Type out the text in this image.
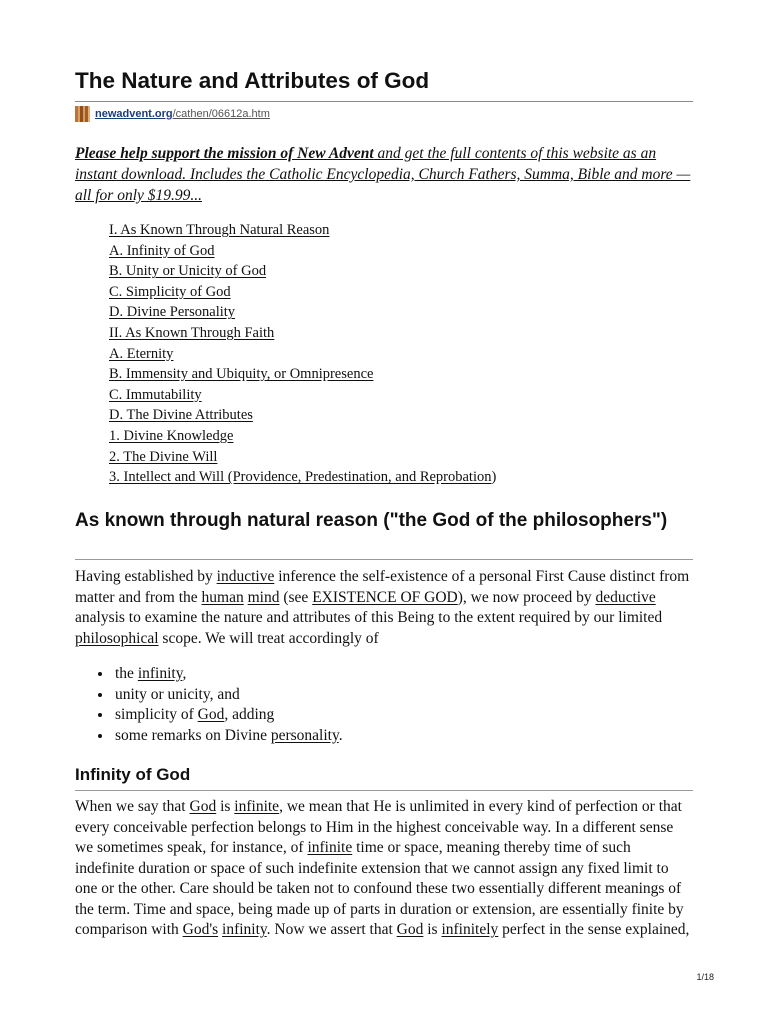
The Nature and Attributes of God
newadvent.org /cathen/06612a.htm

Please help support the mission of New Advent and get the full contents of this website as an instant download. Includes the Catholic Encyclopedia, Church Fathers, Summa, Bible and more — all for only $19.99...

I. As Known Through Natural Reason
A. Infinity of God
B. Unity or Unicity of God
C. Simplicity of God
D. Divine Personality
II. As Known Through Faith
A. Eternity
B. Immensity and Ubiquity, or Omnipresence
C. Immutability
D. The Divine Attributes
1. Divine Knowledge
2. The Divine Will
3. Intellect and Will (Providence, Predestination, and Reprobation)
As known through natural reason ("the God of the philosophers")

Having established by inductive inference the self-existence of a personal First Cause distinct from matter and from the human mind (see EXISTENCE OF GOD), we now proceed by deductive analysis to examine the nature and attributes of this Being to the extent required by our limited philosophical scope. We will treat accordingly of

• the infinity,
• unity or unicity, and
• simplicity of God, adding
• some remarks on Divine personality.
Infinity of God

When we say that God is infinite, we mean that He is unlimited in every kind of perfection or that every conceivable perfection belongs to Him in the highest conceivable way. In a different sense we sometimes speak, for instance, of infinite time or space, meaning thereby time of such indefinite duration or space of such indefinite extension that we cannot assign any fixed limit to one or the other. Care should be taken not to confound these two essentially different meanings of the term. Time and space, being made up of parts in duration or extension, are essentially finite by comparison with God's infinity. Now we assert that God is infinitely perfect in the sense explained,

1/18
